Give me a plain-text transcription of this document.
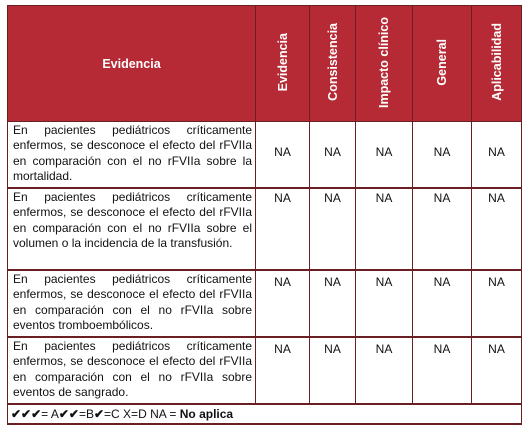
Evidencia	Evidencia	Consistencia	Impacto clínico	General	Aplicabilidad
En pacientes pediátricos críticamente enfermos, se desconoce el efecto del rFVIIa en comparación con el no rFVIIa sobre la mortalidad.	NA	NA	NA	NA	NA
En pacientes pediátricos críticamente enfermos, se desconoce el efecto del rFVIIa en comparación con el no rFVIIa sobre el volumen o la incidencia de la transfusión.	NA	NA	NA	NA	NA
En pacientes pediátricos críticamente enfermos, se desconoce el efecto del rFVIIa en comparación con el no rFVIIa sobre eventos tromboembólicos.	NA	NA	NA	NA	NA
En pacientes pediátricos críticamente enfermos, se desconoce el efecto del rFVIIa en comparación con el no rFVIIa sobre eventos de sangrado.	NA	NA	NA	NA	NA
✔✔✔= A✔✔=B✔=C X=D NA = No aplica					
